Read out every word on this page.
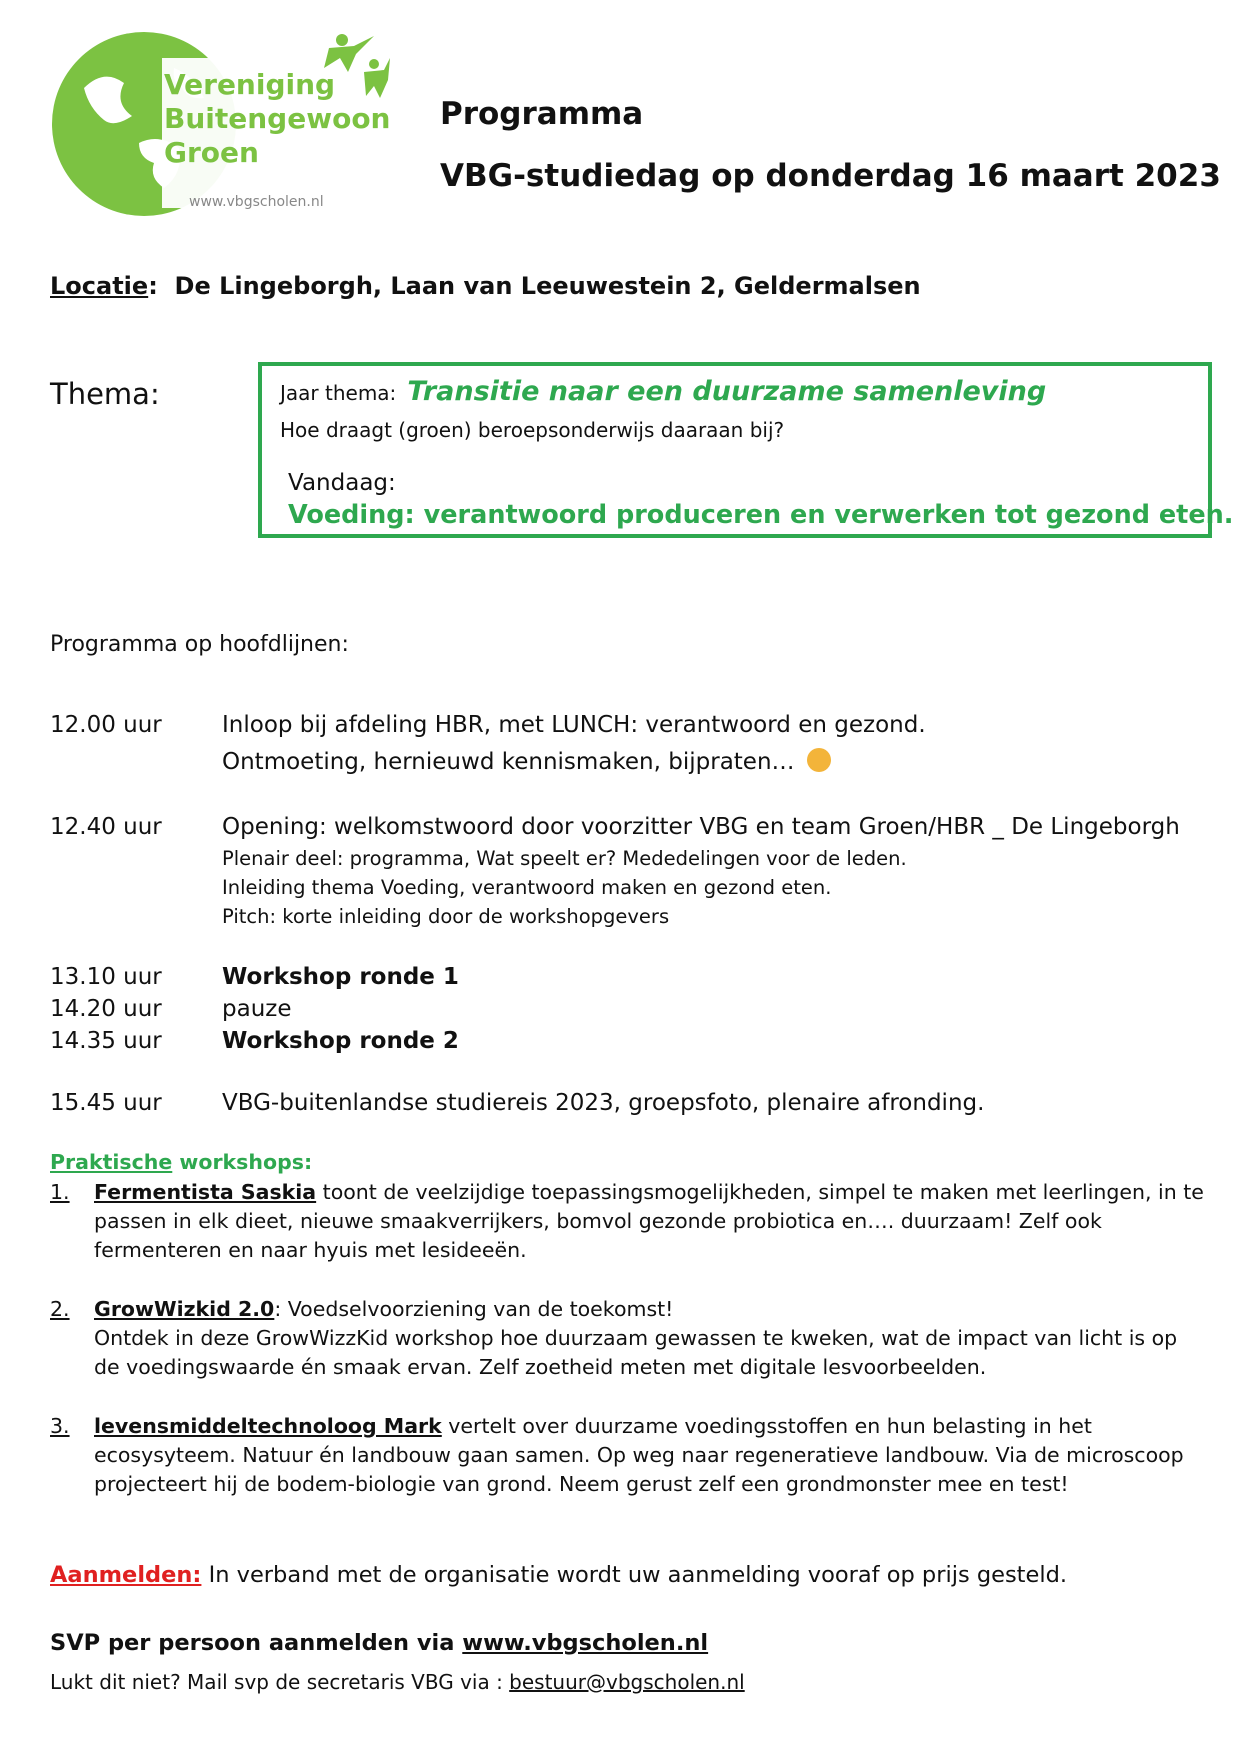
Vereniging
Buitengewoon
Groen
www.vbgscholen.nl
Programma
VBG-studiedag op donderdag 16 maart 2023
Locatie: De Lingeborgh, Laan van Leeuwestein 2, Geldermalsen
Thema:	Jaar thema: Transitie naar een duurzame samenleving
Hoe draagt (groen) beroepsonderwijs daaraan bij?
Vandaag:
Voeding: verantwoord produceren en verwerken tot gezond eten.
Programma op hoofdlijnen:
12.00 uur	Inloop bij afdeling HBR, met LUNCH: verantwoord en gezond.
Ontmoeting, hernieuwd kennismaken, bijpraten…
12.40 uur	Opening: welkomstwoord door voorzitter VBG en team Groen/HBR _ De Lingeborgh
Plenair deel: programma, Wat speelt er? Mededelingen voor de leden.
Inleiding thema Voeding, verantwoord maken en gezond eten.
Pitch: korte inleiding door de workshopgevers
13.10 uur	Workshop ronde 1
14.20 uur	pauze
14.35 uur	Workshop ronde 2
15.45 uur	VBG-buitenlandse studiereis 2023, groepsfoto, plenaire afronding.
Praktische workshops:
1. Fermentista Saskia toont de veelzijdige toepassingsmogelijkheden, simpel te maken met leerlingen, in te
passen in elk dieet, nieuwe smaakverrijkers, bomvol gezonde probiotica en…. duurzaam! Zelf ook
fermenteren en naar hyuis met lesideeën.
2. GrowWizkid 2.0: Voedselvoorziening van de toekomst!
Ontdek in deze GrowWizzKid workshop hoe duurzaam gewassen te kweken, wat de impact van licht is op
de voedingswaarde én smaak ervan. Zelf zoetheid meten met digitale lesvoorbeelden.
3. levensmiddeltechnoloog Mark vertelt over duurzame voedingsstoffen en hun belasting in het
ecosysyteem. Natuur én landbouw gaan samen. Op weg naar regeneratieve landbouw. Via de microscoop
projecteert hij de bodem-biologie van grond. Neem gerust zelf een grondmonster mee en test!
Aanmelden: In verband met de organisatie wordt uw aanmelding vooraf op prijs gesteld.
SVP per persoon aanmelden via www.vbgscholen.nl
Lukt dit niet? Mail svp de secretaris VBG via : bestuur@vbgscholen.nl
